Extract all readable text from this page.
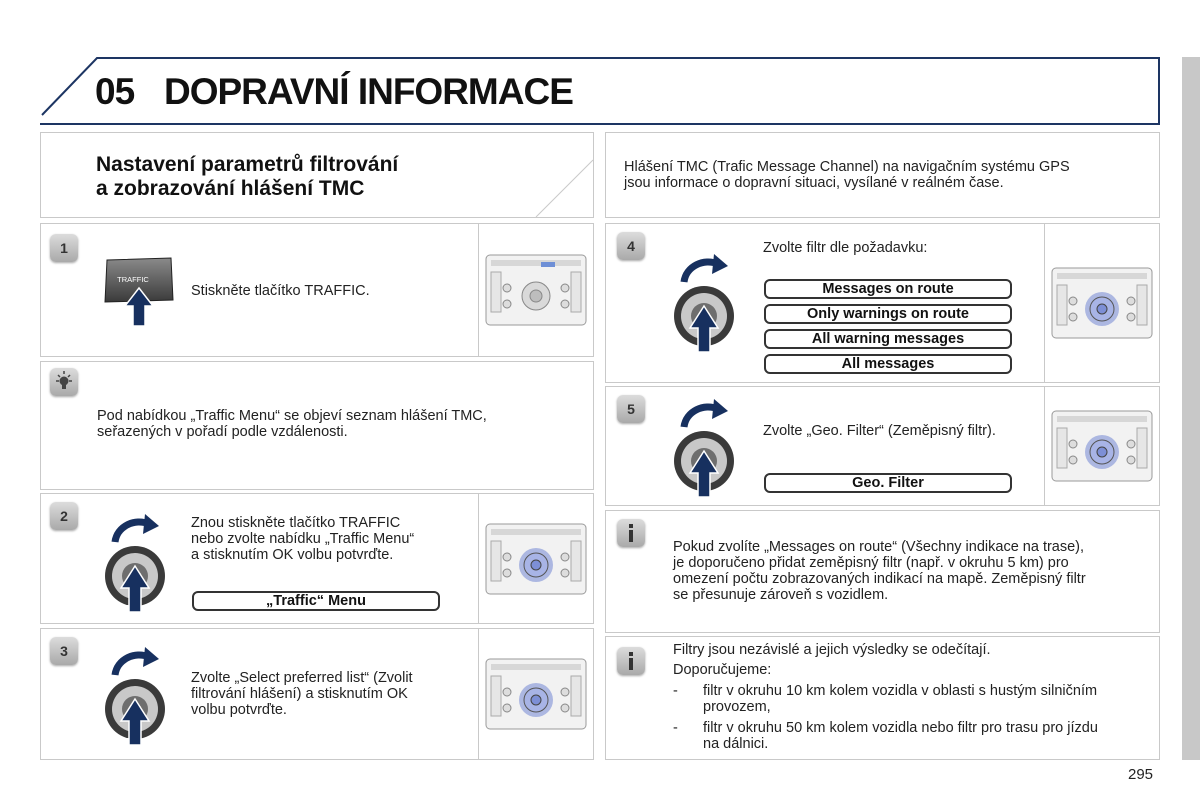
05 DOPRAVNÍ INFORMACE
Nastavení parametrů filtrování
a zobrazování hlášení TMC
Hlášení TMC (Trafic Message Channel) na navigačním systému GPS
jsou informace o dopravní situaci, vysílané v reálném čase.
1
TRAFFIC
Stiskněte tlačítko TRAFFIC.
Pod nabídkou „Traffic Menu“ se objeví seznam hlášení TMC,
seřazených v pořadí podle vzdálenosti.
2	Znou stiskněte tlačítko TRAFFIC
nebo zvolte nabídku „Traffic Menu“
a stisknutím OK volbu potvrďte.
„Traffic“ Menu
3
Zvolte „Select preferred list“ (Zvolit
filtrování hlášení) a stisknutím OK
volbu potvrďte.
4	Zvolte filtr dle požadavku:
Messages on route
Only warnings on route
All warning messages
All messages
5
Zvolte „Geo. Filter“ (Zeměpisný filtr).
Geo. Filter
Pokud zvolíte „Messages on route“ (Všechny indikace na trase),
je doporučeno přidat zeměpisný filtr (např. v okruhu 5 km) pro
omezení počtu zobrazovaných indikací na mapě. Zeměpisný filtr
se přesunuje zároveň s vozidlem.
Filtry jsou nezávislé a jejich výsledky se odečítají.
Doporučujeme:
- filtr v okruhu 10 km kolem vozidla v oblasti s hustým silničním
provozem,
- filtr v okruhu 50 km kolem vozidla nebo filtr pro trasu pro jízdu
na dálnici.
295
